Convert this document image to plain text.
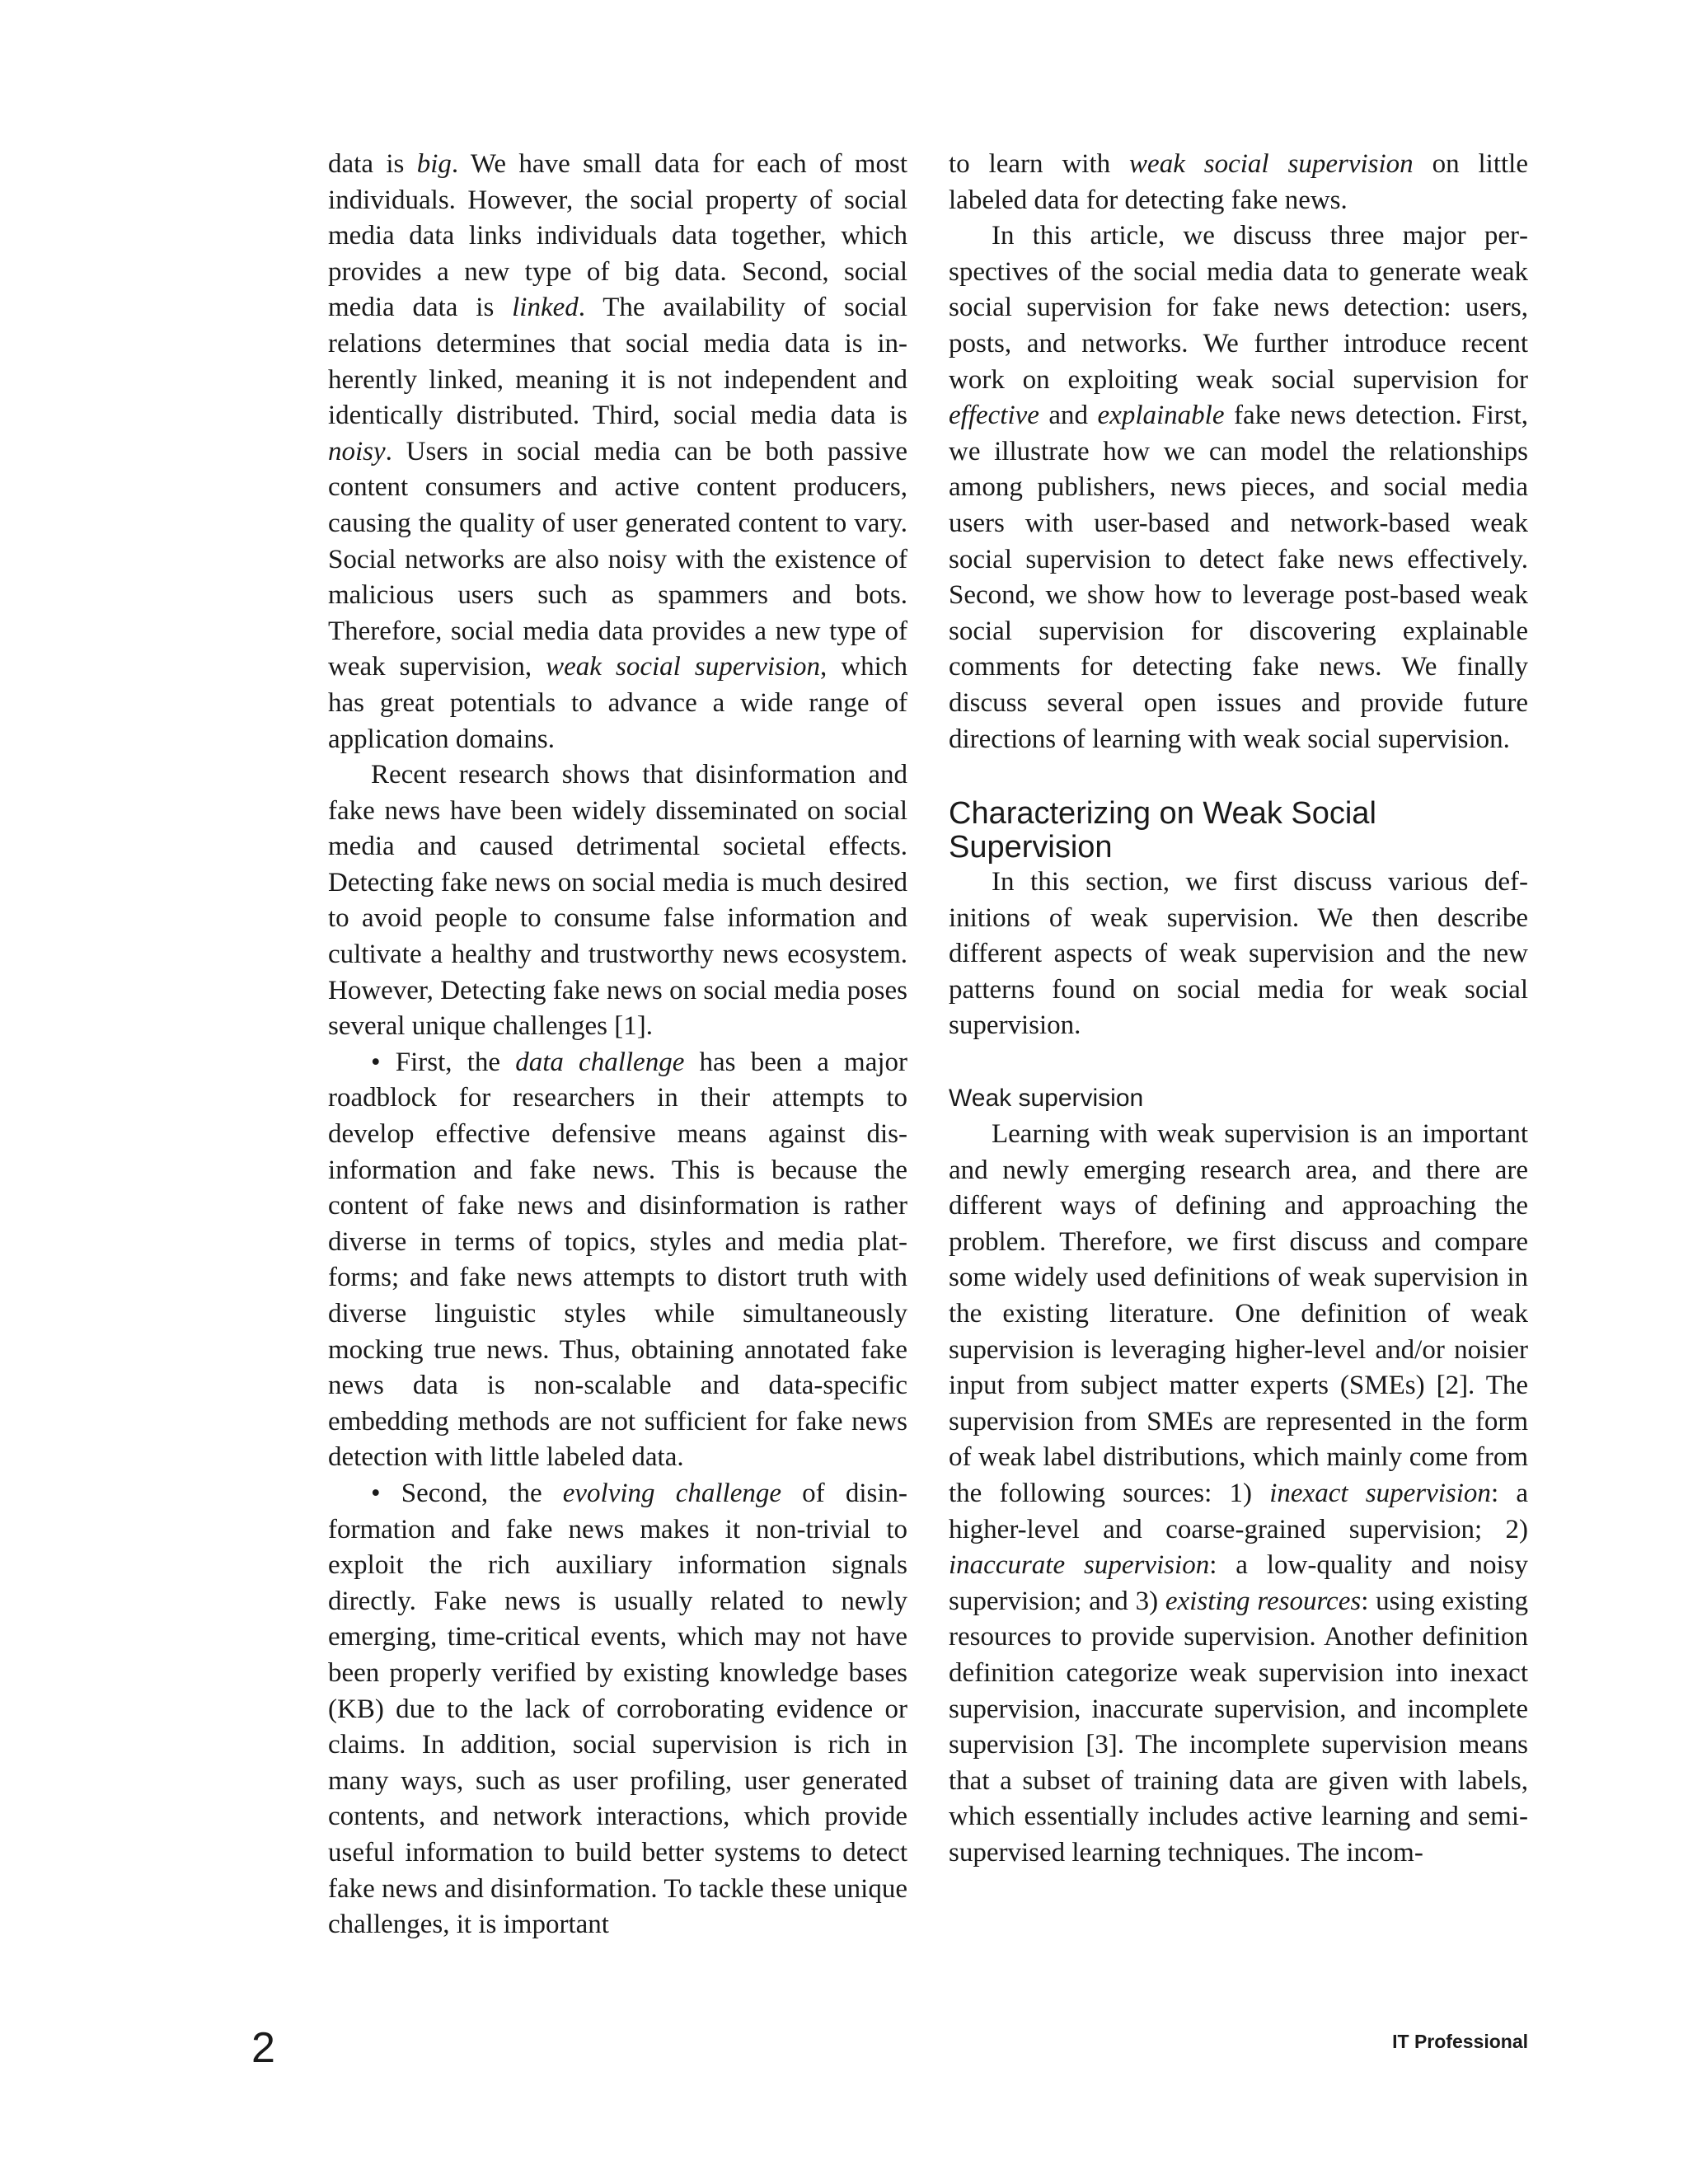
data is big. We have small data for each of most individuals. However, the social property of social media data links individuals data together, which provides a new type of big data. Second, social media data is linked. The availability of social relations determines that social media data is inherently linked, meaning it is not independent and identically distributed. Third, social media data is noisy. Users in social media can be both passive content consumers and active content producers, causing the quality of user generated content to vary. Social networks are also noisy with the existence of malicious users such as spammers and bots. Therefore, social media data provides a new type of weak supervision, weak social supervision, which has great potentials to advance a wide range of application domains.

Recent research shows that disinformation and fake news have been widely disseminated on social media and caused detrimental societal effects. Detecting fake news on social media is much desired to avoid people to consume false information and cultivate a healthy and trustworthy news ecosystem. However, Detecting fake news on social media poses several unique challenges [1].

• First, the data challenge has been a major roadblock for researchers in their attempts to develop effective defensive means against disinformation and fake news. This is because the content of fake news and disinformation is rather diverse in terms of topics, styles and media platforms; and fake news attempts to distort truth with diverse linguistic styles while simultaneously mocking true news. Thus, obtaining annotated fake news data is non-scalable and data-specific embedding methods are not sufficient for fake news detection with little labeled data.

• Second, the evolving challenge of disinformation and fake news makes it non-trivial to exploit the rich auxiliary information signals directly. Fake news is usually related to newly emerging, time-critical events, which may not have been properly verified by existing knowledge bases (KB) due to the lack of corroborating evidence or claims. In addition, social supervision is rich in many ways, such as user profiling, user generated contents, and network interactions, which provide useful information to build better systems to detect fake news and disinformation. To tackle these unique challenges, it is important

to learn with weak social supervision on little labeled data for detecting fake news.

In this article, we discuss three major perspectives of the social media data to generate weak social supervision for fake news detection: users, posts, and networks. We further introduce recent work on exploiting weak social supervision for effective and explainable fake news detection. First, we illustrate how we can model the relationships among publishers, news pieces, and social media users with user-based and network-based weak social supervision to detect fake news effectively. Second, we show how to leverage post-based weak social supervision for discovering explainable comments for detecting fake news. We finally discuss several open issues and provide future directions of learning with weak social supervision.

Characterizing on Weak Social Supervision

In this section, we first discuss various definitions of weak supervision. We then describe different aspects of weak supervision and the new patterns found on social media for weak social supervision.

Weak supervision

Learning with weak supervision is an important and newly emerging research area, and there are different ways of defining and approaching the problem. Therefore, we first discuss and compare some widely used definitions of weak supervision in the existing literature. One definition of weak supervision is leveraging higher-level and/or noisier input from subject matter experts (SMEs) [2]. The supervision from SMEs are represented in the form of weak label distributions, which mainly come from the following sources: 1) inexact supervision: a higher-level and coarse-grained supervision; 2) inaccurate supervision: a low-quality and noisy supervision; and 3) existing resources: using existing resources to provide supervision. Another definition definition categorize weak supervision into inexact supervision, inaccurate supervision, and incomplete supervision [3]. The incomplete supervision means that a subset of training data are given with labels, which essentially includes active learning and semi-supervised learning techniques. The incom-

2	IT Professional
